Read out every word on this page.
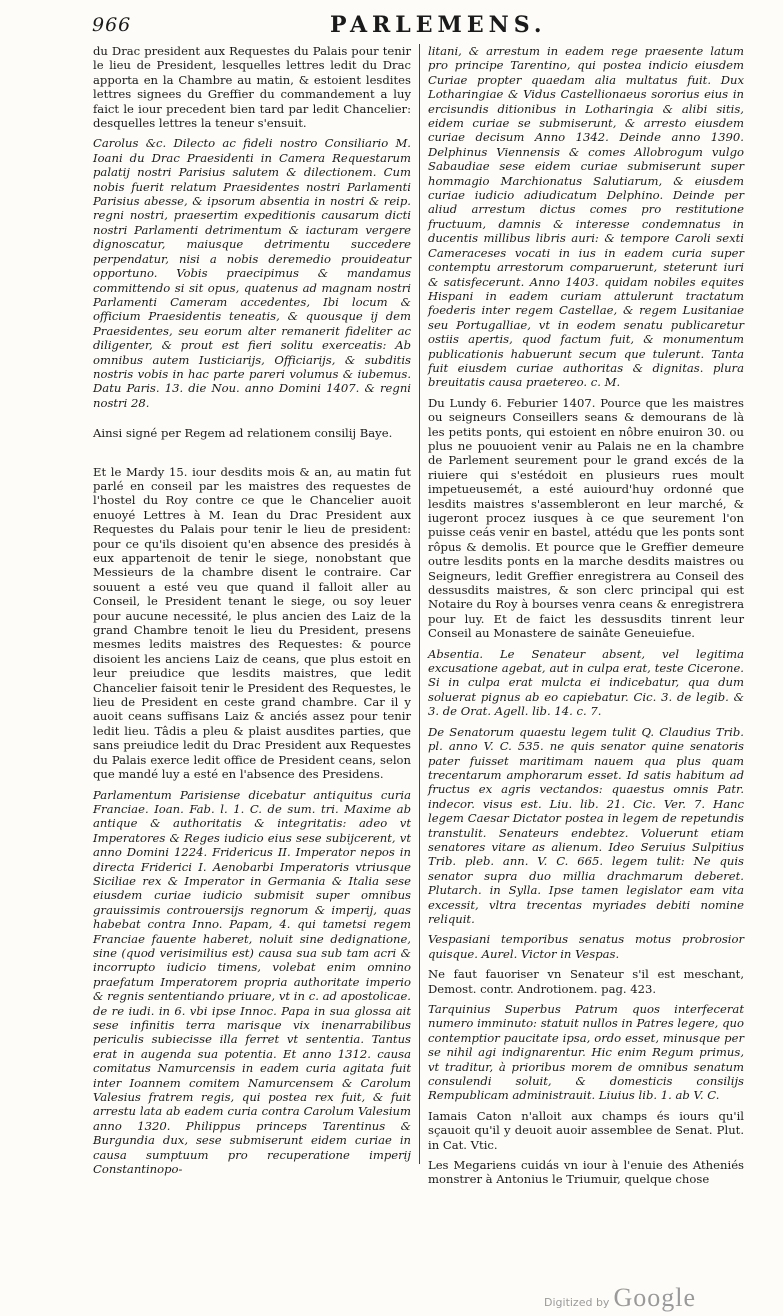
966	PARLEMENS.

du Drac president aux Requestes du Palais pour tenir le lieu de President, lesquelles lettres ledit du Drac apporta en la Chambre au matin, & estoient lesdites lettres signees du Greffier du commandement a luy faict le iour precedent bien tard par ledit Chancelier: desquelles lettres la teneur s'ensuit.

Carolus &c. Dilecto ac fideli nostro Consiliario M. Ioani du Drac Praesidenti in Camera Requestarum palatij nostri Parisius salutem & dilectionem. Cum nobis fuerit relatum Praesidentes nostri Parlamenti Parisius abesse, & ipsorum absentia in nostri & reip. regni nostri, praesertim expeditionis causarum dicti nostri Parlamenti detrimentum & iacturam vergere dignoscatur, maiusque detrimentu succedere perpendatur, nisi a nobis deremedio prouideatur opportuno. Vobis praecipimus & mandamus committendo si sit opus, quatenus ad magnam nostri Parlamenti Cameram accedentes, Ibi locum & officium Praesidentis teneatis, & quousque ij dem Praesidentes, seu eorum alter remanerit fideliter ac diligenter, & prout est fieri solitu exerceatis: Ab omnibus autem Iusticiarijs, Officiarijs, & subditis nostris vobis in hac parte pareri volumus & iubemus. Datu Paris. 13. die Nou. anno Domini 1407. & regni nostri 28.

Ainsi signé per Regem ad relationem consilij Baye.

Et le Mardy 15. iour desdits mois & an, au matin fut parlé en conseil par les maistres des requestes de l'hostel du Roy contre ce que le Chancelier auoit enuoyé Lettres à M. Iean du Drac President aux Requestes du Palais pour tenir le lieu de president: pour ce qu'ils disoient qu'en absence des presidés à eux appartenoit de tenir le siege, nonobstant que Messieurs de la chambre disent le contraire. Car souuent a esté veu que quand il falloit aller au Conseil, le President tenant le siege, ou soy leuer pour aucune necessité, le plus ancien des Laiz de la grand Chambre tenoit le lieu du President, presens mesmes ledits maistres des Requestes: & pource disoient les anciens Laiz de ceans, que plus estoit en leur preiudice que lesdits maistres, que ledit Chancelier faisoit tenir le President des Requestes, le lieu de President en ceste grand chambre. Car il y auoit ceans suffisans Laiz & anciés assez pour tenir ledit lieu. Tâdis a pleu & plaist ausdites parties, que sans preiudice ledit du Drac President aux Requestes du Palais exerce ledit office de President ceans, selon que mandé luy a esté en l'absence des Presidens.

Parlamentum Parisiense dicebatur antiquitus curia Franciae. Ioan. Fab. l. 1. C. de sum. tri. Maxime ab antique & authoritatis & integritatis: adeo vt Imperatores & Reges iudicio eius sese subijcerent, vt anno Domini 1224. Fridericus II. Imperator nepos in directa Friderici I. Aenobarbi Imperatoris vtriusque Siciliae rex & Imperator in Germania & Italia sese eiusdem curiae iudicio submisit super omnibus grauissimis controuersijs regnorum & imperij, quas habebat contra Inno. Papam, 4. qui tametsi regem Franciae fauente haberet, noluit sine dedignatione, sine (quod verisimilius est) causa sua sub tam acri & incorrupto iudicio timens, volebat enim omnino praefatum Imperatorem propria authoritate imperio & regnis sententiando priuare, vt in c. ad apostolicae. de re iudi. in 6. vbi ipse Innoc. Papa in sua glossa ait sese infinitis terra marisque vix inenarrabilibus periculis subiecisse illa ferret vt sententia. Tantus erat in augenda sua potentia. Et anno 1312. causa comitatus Namurcensis in eadem curia agitata fuit inter Ioannem comitem Namurcensem & Carolum Valesius fratrem regis, qui postea rex fuit, & fuit arrestu lata ab eadem curia contra Carolum Valesium anno 1320. Philippus princeps Tarentinus & Burgundia dux, sese submiserunt eidem curiae in causa sumptuum pro recuperatione imperij Constantinopo-

litani, & arrestum in eadem rege praesente latum pro principe Tarentino, qui postea indicio eiusdem Curiae propter quaedam alia multatus fuit. Dux Lotharingiae & Vidus Castellionaeus sororius eius in ercisundis ditionibus in Lotharingia & alibi sitis, eidem curiae se submiserunt, & arresto eiusdem curiae decisum Anno 1342. Deinde anno 1390. Delphinus Viennensis & comes Allobrogum vulgo Sabaudiae sese eidem curiae submiserunt super hommagio Marchionatus Salutiarum, & eiusdem curiae iudicio adiudicatum Delphino. Deinde per aliud arrestum dictus comes pro restitutione fructuum, damnis & interesse condemnatus in ducentis millibus libris auri: & tempore Caroli sexti Cameraceses vocati in ius in eadem curia super contemptu arrestorum comparuerunt, steterunt iuri & satisfecerunt. Anno 1403. quidam nobiles equites Hispani in eadem curiam attulerunt tractatum foederis inter regem Castellae, & regem Lusitaniae seu Portugalliae, vt in eodem senatu publicaretur ostiis apertis, quod factum fuit, & monumentum publicationis habuerunt secum que tulerunt. Tanta fuit eiusdem curiae authoritas & dignitas. plura breuitatis causa praetereo. c. M.

Du Lundy 6. Feburier 1407. Pource que les maistres ou seigneurs Conseillers seans & demourans de là les petits ponts, qui estoient en nôbre enuiron 30. ou plus ne pouuoient venir au Palais ne en la chambre de Parlement seurement pour le grand excés de la riuiere qui s'estédoit en plusieurs rues moult impetueusemét, a esté auiourd'huy ordonné que lesdits maistres s'assembleront en leur marché, & iugeront procez iusques à ce que seurement l'on puisse ceás venir en bastel, attédu que les ponts sont rôpus & demolis. Et pource que le Greffier demeure outre lesdits ponts en la marche desdits maistres ou Seigneurs, ledit Greffier enregistrera au Conseil des dessusdits maistres, & son clerc principal qui est Notaire du Roy à bourses venra ceans & enregistrera pour luy. Et de faict les dessusdits tinrent leur Conseil au Monastere de sainâte Geneuiefue.

Absentia. Le Senateur absent, vel legitima excusatione agebat, aut in culpa erat, teste Cicerone. Si in culpa erat mulcta ei indicebatur, qua dum soluerat pignus ab eo capiebatur. Cic. 3. de legib. & 3. de Orat. Agell. lib. 14. c. 7.

De Senatorum quaestu legem tulit Q. Claudius Trib. pl. anno V. C. 535. ne quis senator quine senatoris pater fuisset maritimam nauem qua plus quam trecentarum amphorarum esset. Id satis habitum ad fructus ex agris vectandos: quaestus omnis Patr. indecor. visus est. Liu. lib. 21. Cic. Ver. 7. Hanc legem Caesar Dictator postea in legem de repetundis transtulit. Senateurs endebtez. Voluerunt etiam senatores vitare as alienum. Ideo Seruius Sulpitius Trib. pleb. ann. V. C. 665. legem tulit: Ne quis senator supra duo millia drachmarum deberet. Plutarch. in Sylla. Ipse tamen legislator eam vita excessit, vltra trecentas myriades debiti nomine reliquit.

Vespasiani temporibus senatus motus probrosior quisque. Aurel. Victor in Vespas.

Ne faut fauoriser vn Senateur s'il est meschant, Demost. contr. Androtionem. pag. 423.

Tarquinius Superbus Patrum quos interfecerat numero imminuto: statuit nullos in Patres legere, quo contemptior paucitate ipsa, ordo esset, minusque per se nihil agi indignarentur. Hic enim Regum primus, vt traditur, à prioribus morem de omnibus senatum consulendi soluit, & domesticis consilijs Rempublicam administrauit. Liuius lib. 1. ab V. C.

Iamais Caton n'alloit aux champs és iours qu'il sçauoit qu'il y deuoit auoir assemblee de Senat. Plut. in Cat. Vtic.

Les Megariens cuidás vn iour à l'enuie des Atheniés monstrer à Antonius le Triumuir, quelque chose

Digitized by Google
